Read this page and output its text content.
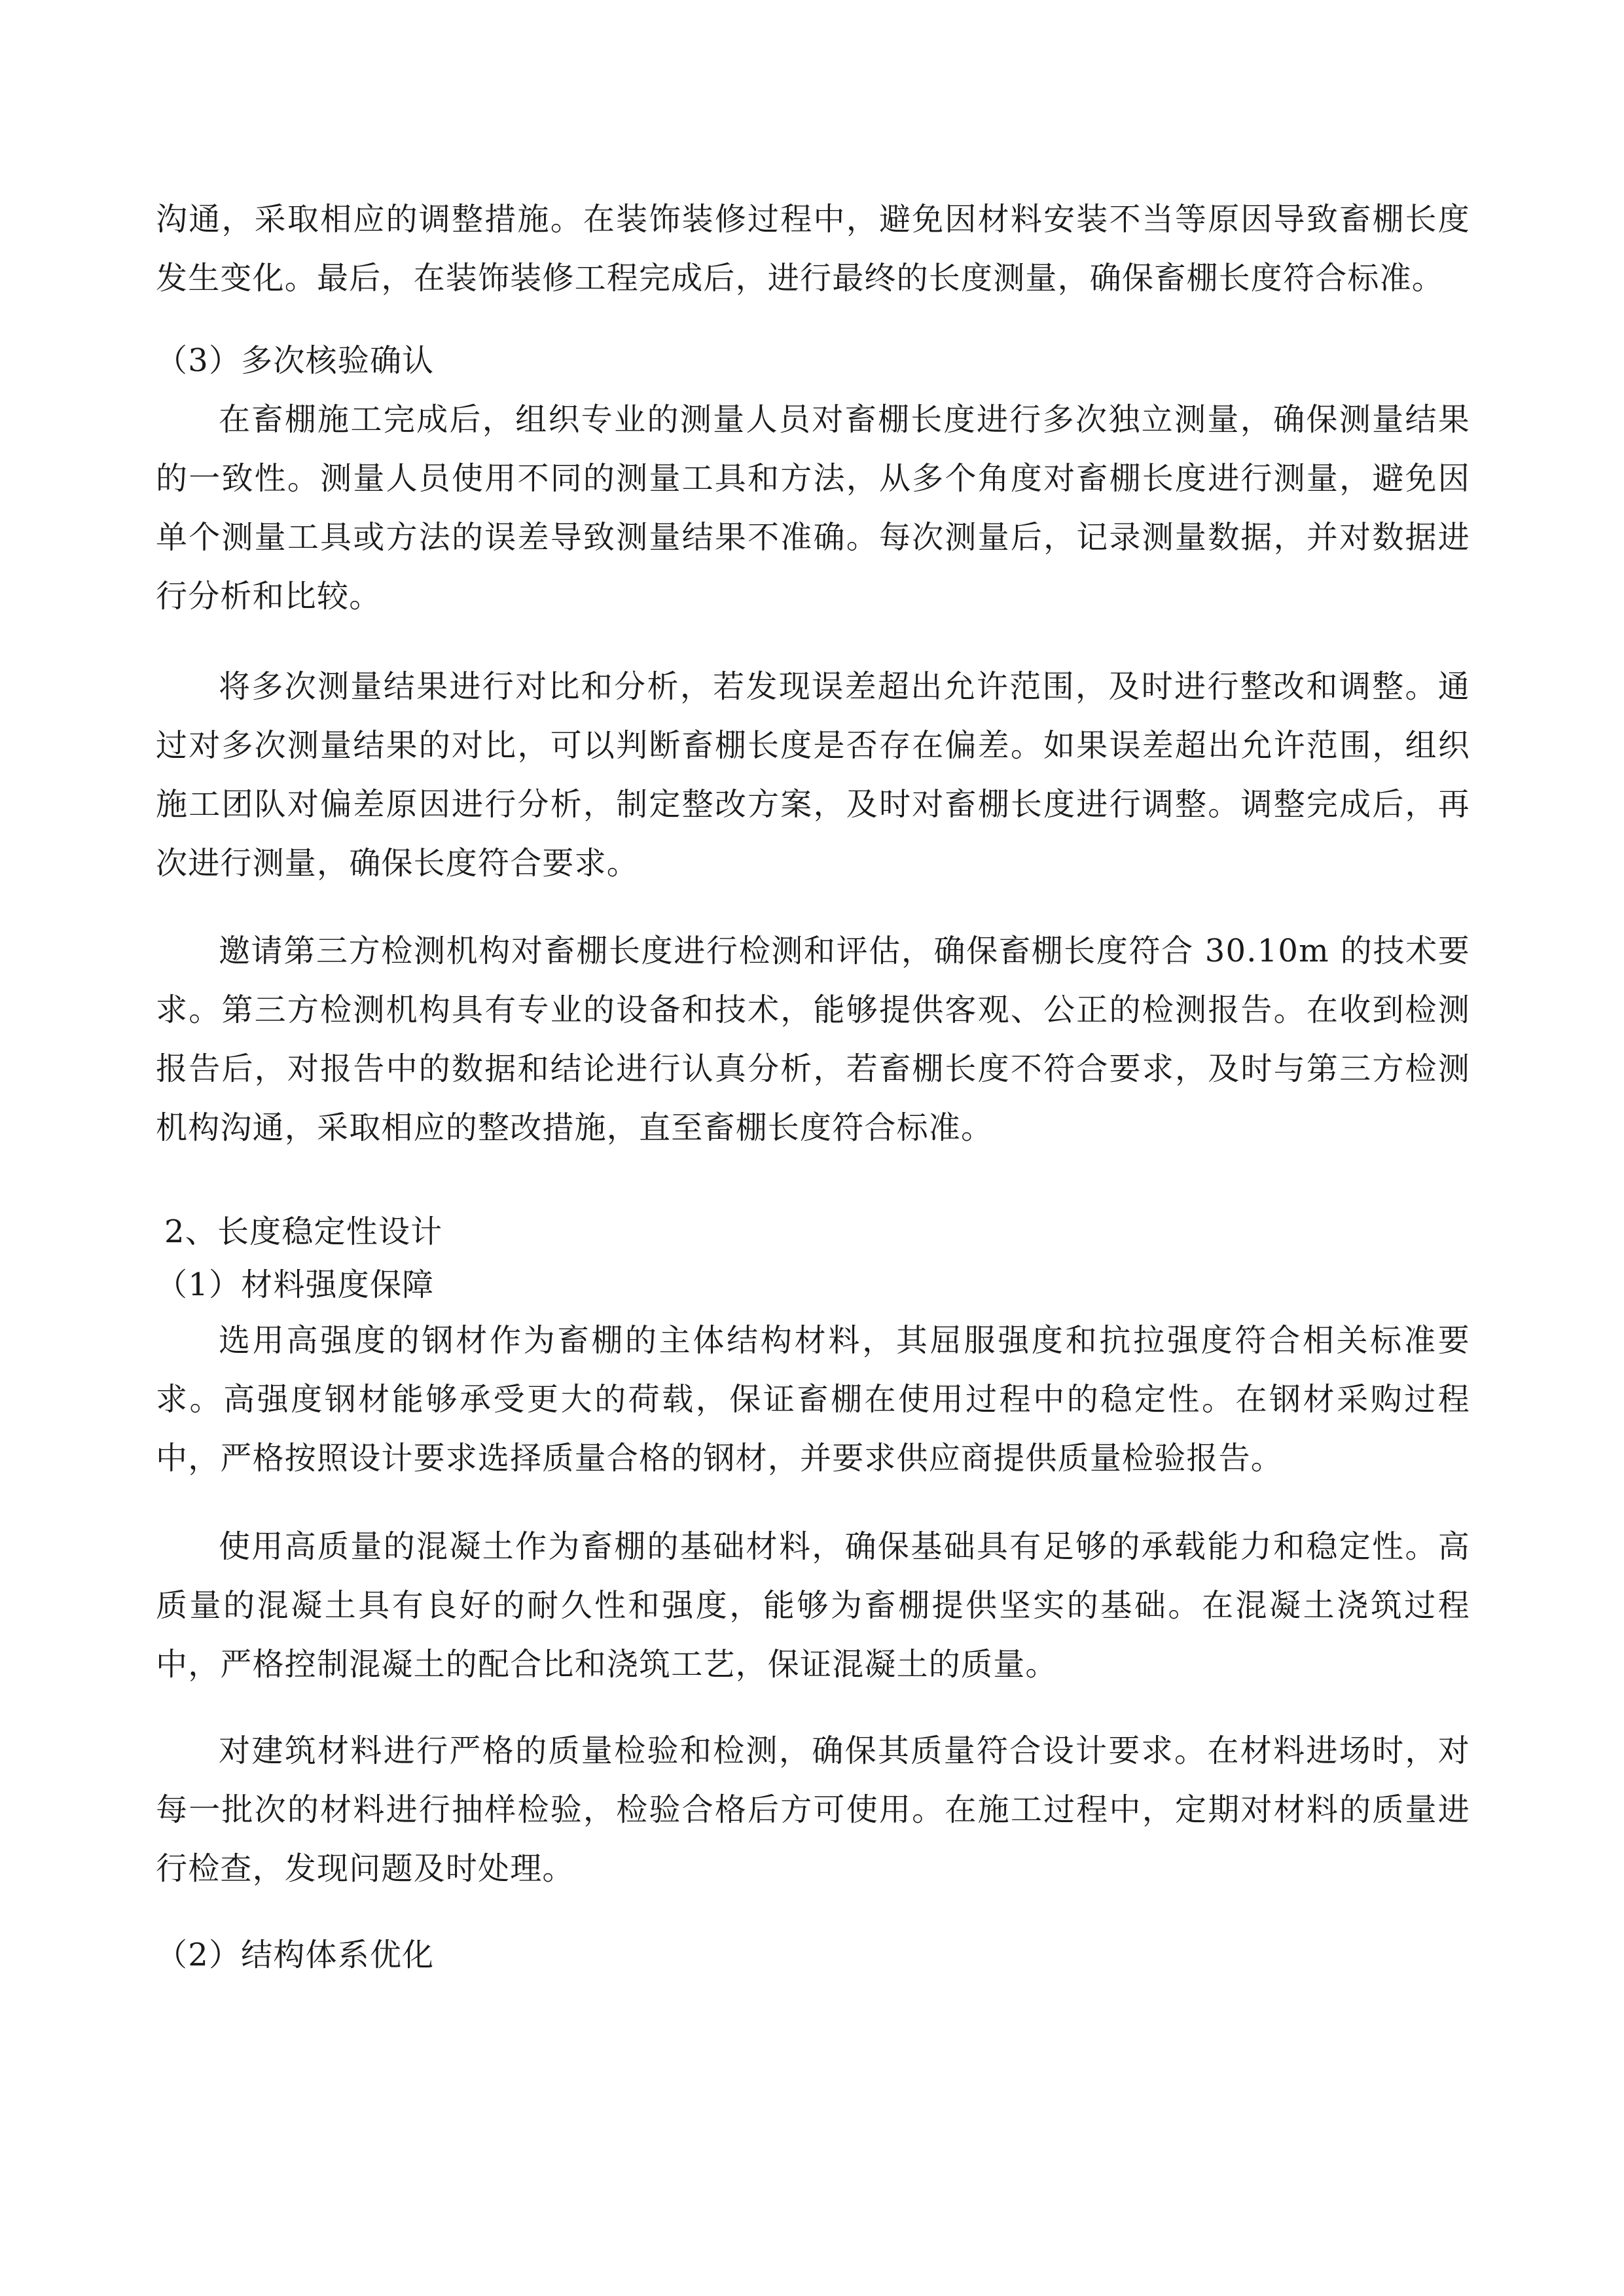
沟通，采取相应的调整措施。在装饰装修过程中，避免因材料安装不当等原因导致畜棚长度发生变化。最后，在装饰装修工程完成后，进行最终的长度测量，确保畜棚长度符合标准。

（3）多次核验确认

在畜棚施工完成后，组织专业的测量人员对畜棚长度进行多次独立测量，确保测量结果的一致性。测量人员使用不同的测量工具和方法，从多个角度对畜棚长度进行测量，避免因单个测量工具或方法的误差导致测量结果不准确。每次测量后，记录测量数据，并对数据进行分析和比较。

将多次测量结果进行对比和分析，若发现误差超出允许范围，及时进行整改和调整。通过对多次测量结果的对比，可以判断畜棚长度是否存在偏差。如果误差超出允许范围，组织施工团队对偏差原因进行分析，制定整改方案，及时对畜棚长度进行调整。调整完成后，再次进行测量，确保长度符合要求。

邀请第三方检测机构对畜棚长度进行检测和评估，确保畜棚长度符合 30.10m 的技术要求。第三方检测机构具有专业的设备和技术，能够提供客观、公正的检测报告。在收到检测报告后，对报告中的数据和结论进行认真分析，若畜棚长度不符合要求，及时与第三方检测机构沟通，采取相应的整改措施，直至畜棚长度符合标准。

2、长度稳定性设计
（1）材料强度保障

选用高强度的钢材作为畜棚的主体结构材料，其屈服强度和抗拉强度符合相关标准要求。高强度钢材能够承受更大的荷载，保证畜棚在使用过程中的稳定性。在钢材采购过程中，严格按照设计要求选择质量合格的钢材，并要求供应商提供质量检验报告。

使用高质量的混凝土作为畜棚的基础材料，确保基础具有足够的承载能力和稳定性。高质量的混凝土具有良好的耐久性和强度，能够为畜棚提供坚实的基础。在混凝土浇筑过程中，严格控制混凝土的配合比和浇筑工艺，保证混凝土的质量。

对建筑材料进行严格的质量检验和检测，确保其质量符合设计要求。在材料进场时，对每一批次的材料进行抽样检验，检验合格后方可使用。在施工过程中，定期对材料的质量进行检查，发现问题及时处理。

（2）结构体系优化
